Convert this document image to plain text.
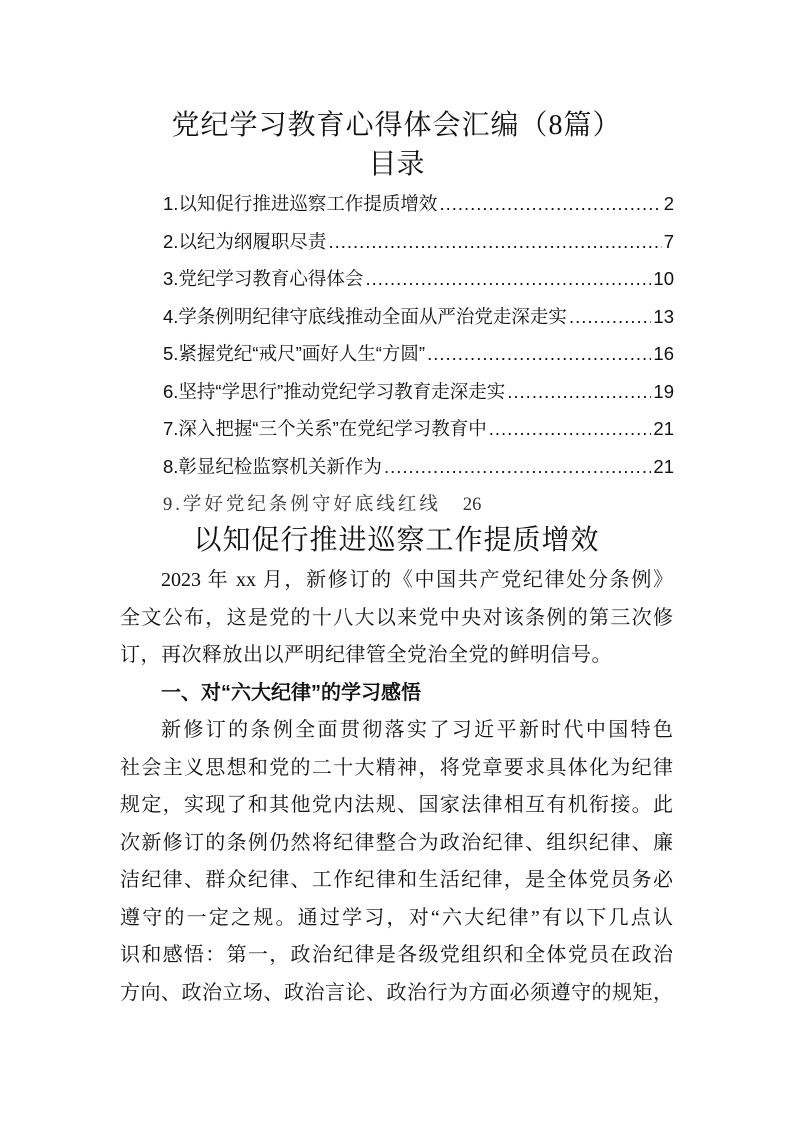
党纪学习教育心得体会汇编（8篇）
目录
1.以知促行推进巡察工作提质增效 .....	2
2.以纪为纲履职尽责 .....	7
3.党纪学习教育心得体会 .....	10
4.学条例明纪律守底线推动全面从严治党走深走实 .....	13
5.紧握党纪“戒尺”画好人生“方圆” .....	16
6.坚持“学思行”推动党纪学习教育走深走实 .....	19
7.深入把握“三个关系”在党纪学习教育中 .....	21
8.彰显纪检监察机关新作为 .....	21
9.学好党纪条例守好底线红线 26
以知促行推进巡察工作提质增效
2023 年 xx 月，新修订的《中国共产党纪律处分条例》
全文公布，这是党的十八大以来党中央对该条例的第三次修
订，再次释放出以严明纪律管全党治全党的鲜明信号。
一、对“六大纪律”的学习感悟
新修订的条例全面贯彻落实了习近平新时代中国特色
社会主义思想和党的二十大精神，将党章要求具体化为纪律
规定，实现了和其他党内法规、国家法律相互有机衔接。此
次新修订的条例仍然将纪律整合为政治纪律、组织纪律、廉
洁纪律、群众纪律、工作纪律和生活纪律，是全体党员务必
遵守的一定之规。通过学习，对“六大纪律”有以下几点认
识和感悟：第一，政治纪律是各级党组织和全体党员在政治
方向、政治立场、政治言论、政治行为方面必须遵守的规矩，
